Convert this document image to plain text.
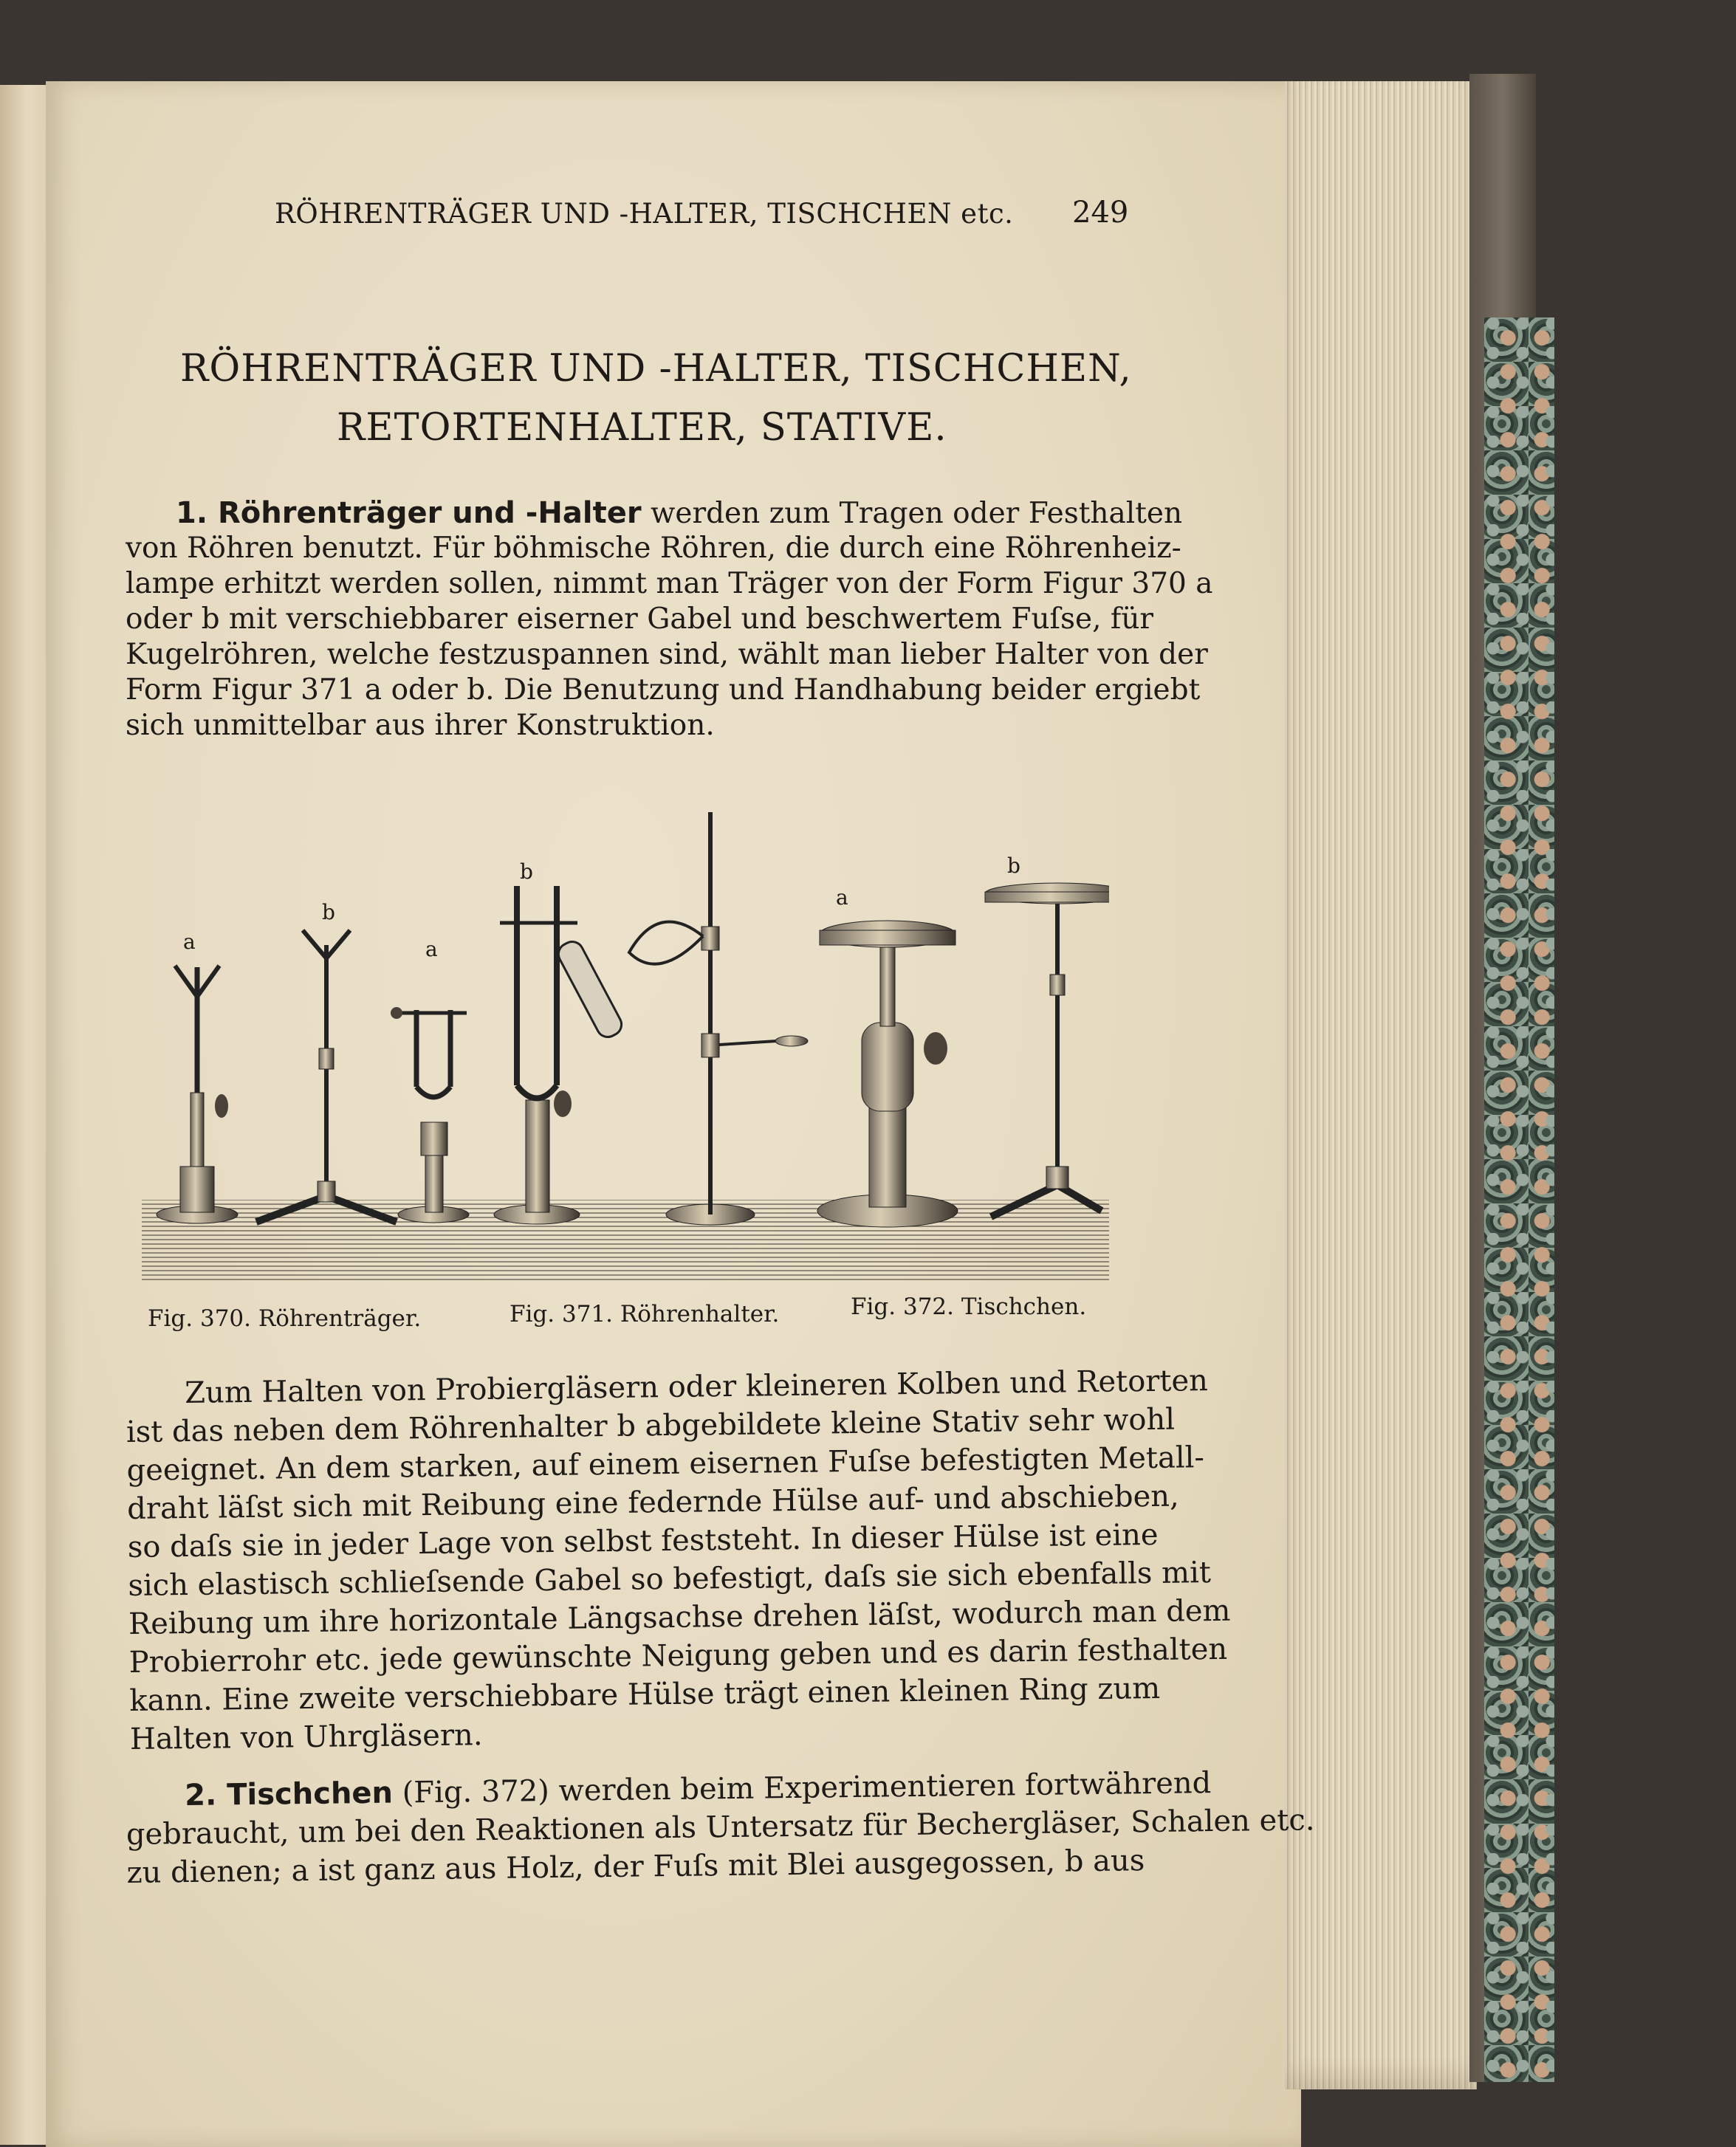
RÖHRENTRÄGER UND -HALTER, TISCHCHEN etc. 249
RÖHRENTRÄGER UND -HALTER, TISCHCHEN,
RETORTENHALTER, STATIVE.
1. Röhrenträger und -Halter werden zum Tragen oder Festhalten
von Röhren benutzt. Für böhmische Röhren, die durch eine Röhrenheiz-
lampe erhitzt werden sollen, nimmt man Träger von der Form Figur 370 a
oder b mit verschiebbarer eiserner Gabel und beschwertem Fuſse, für
Kugelröhren, welche festzuspannen sind, wählt man lieber Halter von der
Form Figur 371 a oder b. Die Benutzung und Handhabung beider ergiebt
sich unmittelbar aus ihrer Konstruktion.
a
b
a
b
a
b
Fig. 370. Röhrenträger.	Fig. 371. Röhrenhalter.	Fig. 372. Tischchen.
Zum Halten von Probiergläsern oder kleineren Kolben und Retorten
ist das neben dem Röhrenhalter b abgebildete kleine Stativ sehr wohl
geeignet. An dem starken, auf einem eisernen Fuſse befestigten Metall-
draht läſst sich mit Reibung eine federnde Hülse auf- und abschieben,
so daſs sie in jeder Lage von selbst feststeht. In dieser Hülse ist eine
sich elastisch schlieſsende Gabel so befestigt, daſs sie sich ebenfalls mit
Reibung um ihre horizontale Längsachse drehen läſst, wodurch man dem
Probierrohr etc. jede gewünschte Neigung geben und es darin festhalten
kann. Eine zweite verschiebbare Hülse trägt einen kleinen Ring zum
Halten von Uhrgläsern.
2. Tischchen (Fig. 372) werden beim Experimentieren fortwährend
gebraucht, um bei den Reaktionen als Untersatz für Bechergläser, Schalen etc.
zu dienen; a ist ganz aus Holz, der Fuſs mit Blei ausgegossen, b aus
